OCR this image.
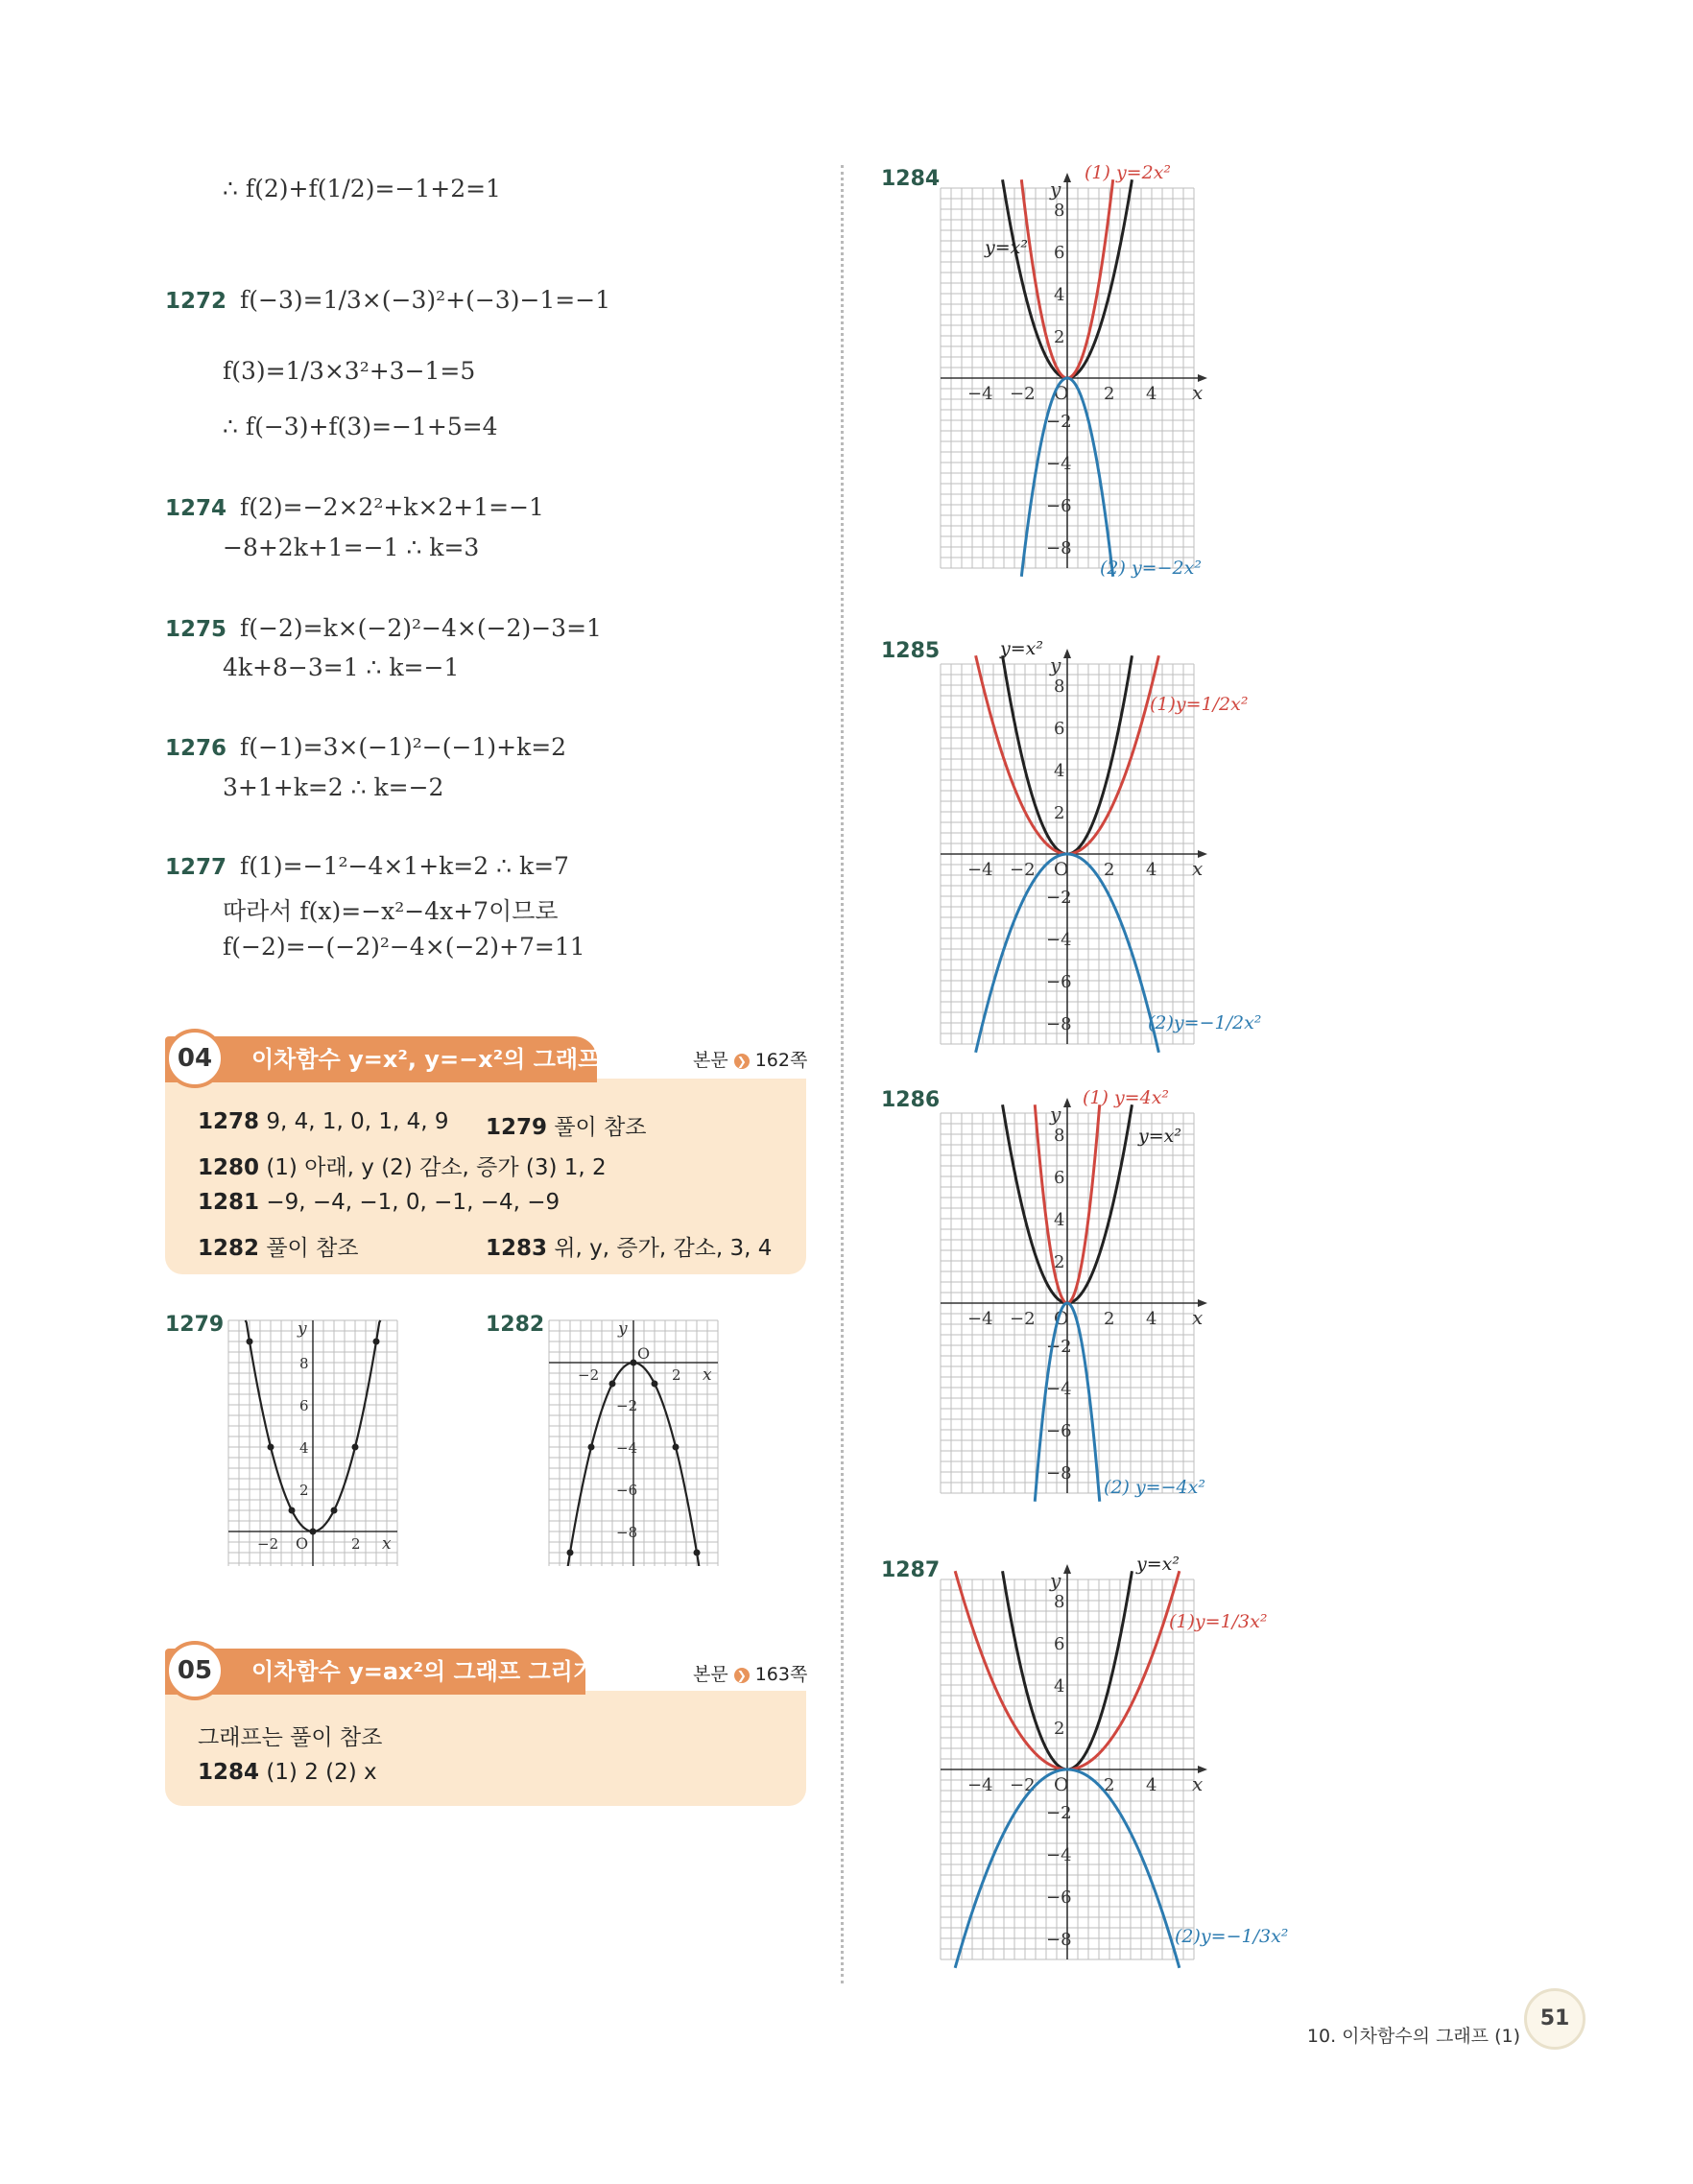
∴ f(2)+f(1/2)=−1+2=1
1272 f(−3)=1/3×(−3)²+(−3)−1=−1
f(3)=1/3×3²+3−1=5
∴ f(−3)+f(3)=−1+5=4
1274 f(2)=−2×2²+k×2+1=−1
−8+2k+1=−1 ∴ k=3
1275 f(−2)=k×(−2)²−4×(−2)−3=1
4k+8−3=1 ∴ k=−1
1276 f(−1)=3×(−1)²−(−1)+k=2
3+1+k=2 ∴ k=−2
1277 f(1)=−1²−4×1+k=2 ∴ k=7
따라서 f(x)=−x²−4x+7이므로
f(−2)=−(−2)²−4×(−2)+7=11
이차함수 y=x², y=−x²의 그래프
04	본문 ❯ 162쪽
1278 9, 4, 1, 0, 1, 4, 9 1279 풀이 참조
1280 (1) 아래, y (2) 감소, 증가 (3) 1, 2
1281 −9, −4, −1, 0, −1, −4, −9
1282 풀이 참조	1283 위, y, 증가, 감소, 3, 4
1279
x
y
O
−2	2
8
6
4
2
1282
x
y
O
−2	2
−2
−4
−6
−8
이차함수 y=ax²의 그래프 그리기
05	본문 ❯ 163쪽
그래프는 풀이 참조
1284 (1) 2 (2) x
1284
x
y
O
−4 −2	2 4
8
6
4
2
−2
−4
−6
−8
y=x²
(1) y=2x²
(2) y=−2x²
1285
x
y
O
−4 −2	2 4
8
6
4
2
−2
−4
−6
−8
y=x²
(1)y=1/2x²
(2)y=−1/2x²
1286
x
y
O
−4 −2	2 4
8
6
4
2
−2
−4
−6
−8
y=x²
(1) y=4x²
(2) y=−4x²
1287
x
y
O
−4 −2	2 4
8
6
4
2
−2
−4
−6
−8
y=x²
(1)y=1/3x²
(2)y=−1/3x²
10. 이차함수의 그래프 (1)
51
